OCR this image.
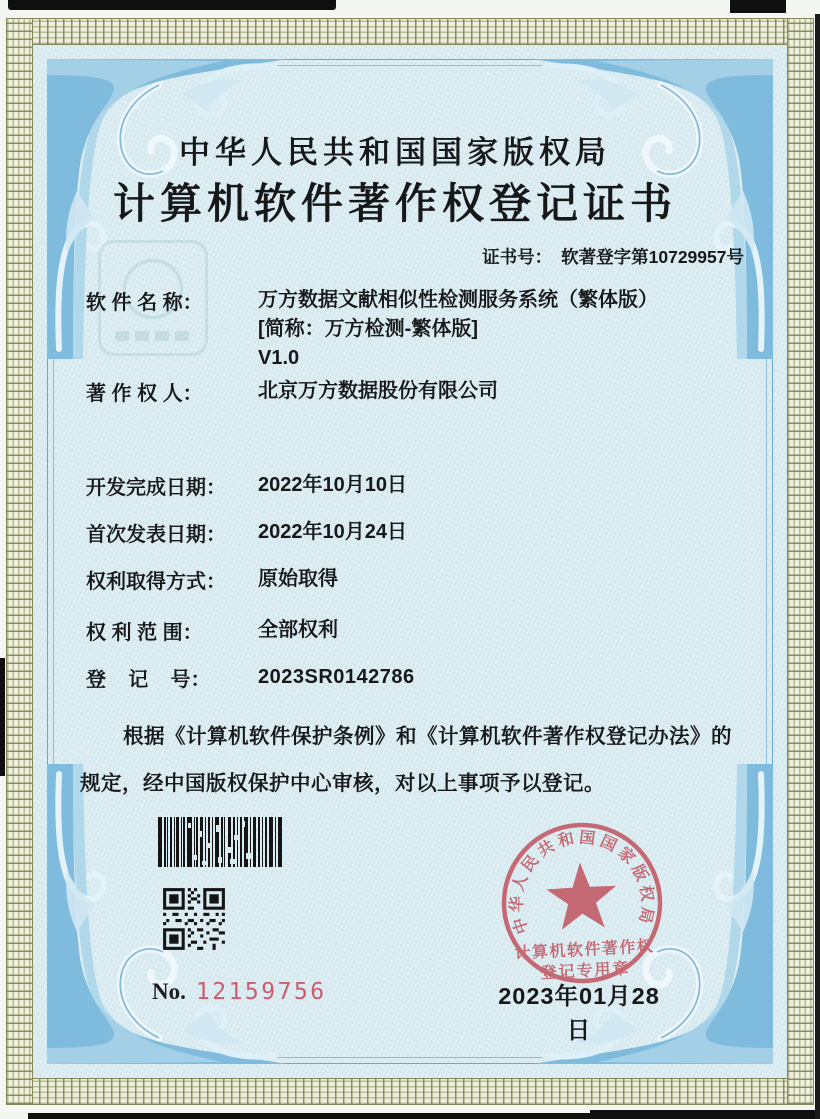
中华人民共和国国家版权局
计算机软件著作权登记证书
证书号： 软著登字第10729957号
软 件 名 称：	万方数据文献相似性检测服务系统（繁体版）
[简称：万方检测-繁体版]
V1.0
著 作 权 人：	北京万方数据股份有限公司
开发完成日期：	2022年10月10日
首次发表日期：	2022年10月24日
权利取得方式：	原始取得
权 利 范 围：	全部权利
登    记    号：	2023SR0142786
根据《计算机软件保护条例》和《计算机软件著作权登记办法》的规定，经中国版权保护中心审核，对以上事项予以登记。
中华人民共和国国家版权局
计算机软件著作权
登记专用章
No. 12159756	2023年01月28日
